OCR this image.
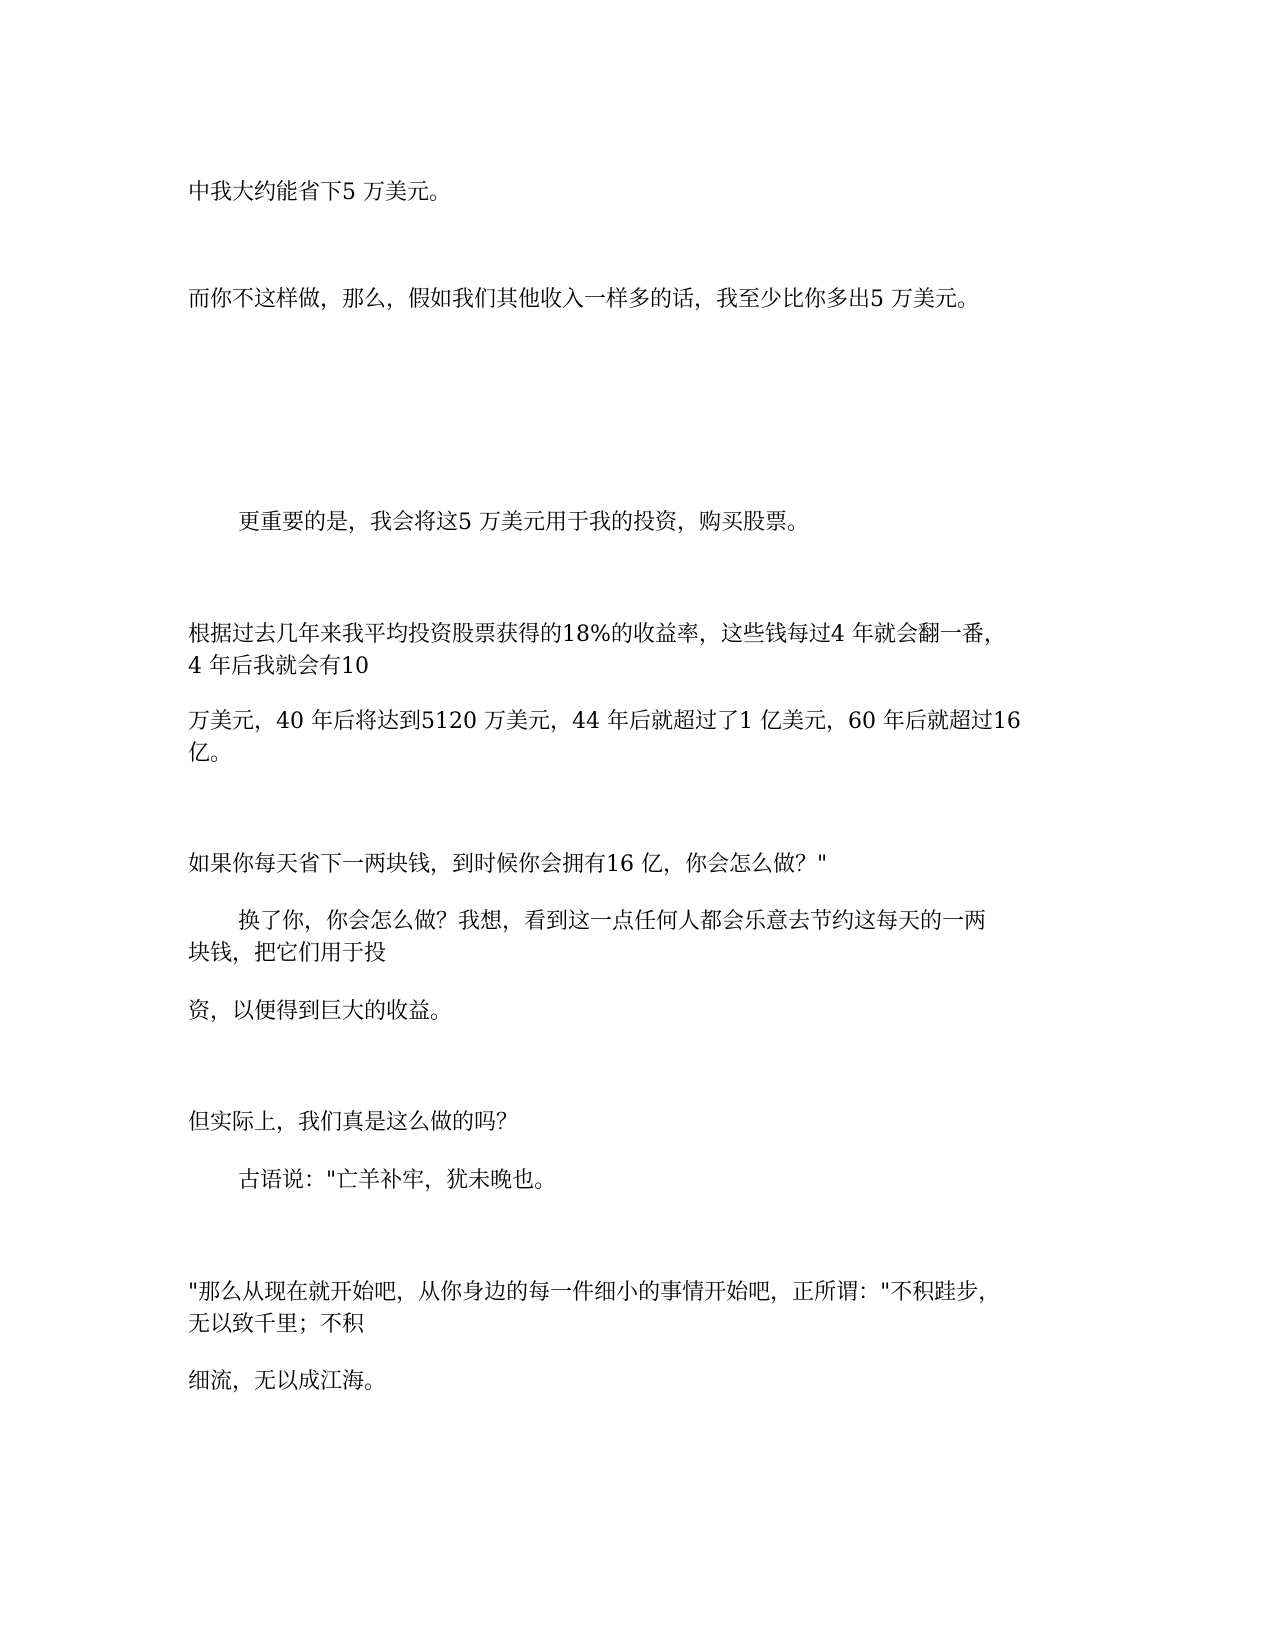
中我大约能省下5 万美元。
而你不这样做，那么，假如我们其他收入一样多的话，我至少比你多出5 万美元。
更重要的是，我会将这5 万美元用于我的投资，购买股票。
根据过去几年来我平均投资股票获得的18%的收益率，这些钱每过4 年就会翻一番，
4 年后我就会有10
万美元，40 年后将达到5120 万美元，44 年后就超过了1 亿美元，60 年后就超过16
亿。
如果你每天省下一两块钱，到时候你会拥有16 亿，你会怎么做？"
换了你，你会怎么做？我想，看到这一点任何人都会乐意去节约这每天的一两
块钱，把它们用于投
资，以便得到巨大的收益。
但实际上，我们真是这么做的吗？
古语说："亡羊补牢，犹未晚也。
"那么从现在就开始吧，从你身边的每一件细小的事情开始吧，正所谓："不积跬步，
无以致千里；不积
细流，无以成江海。
